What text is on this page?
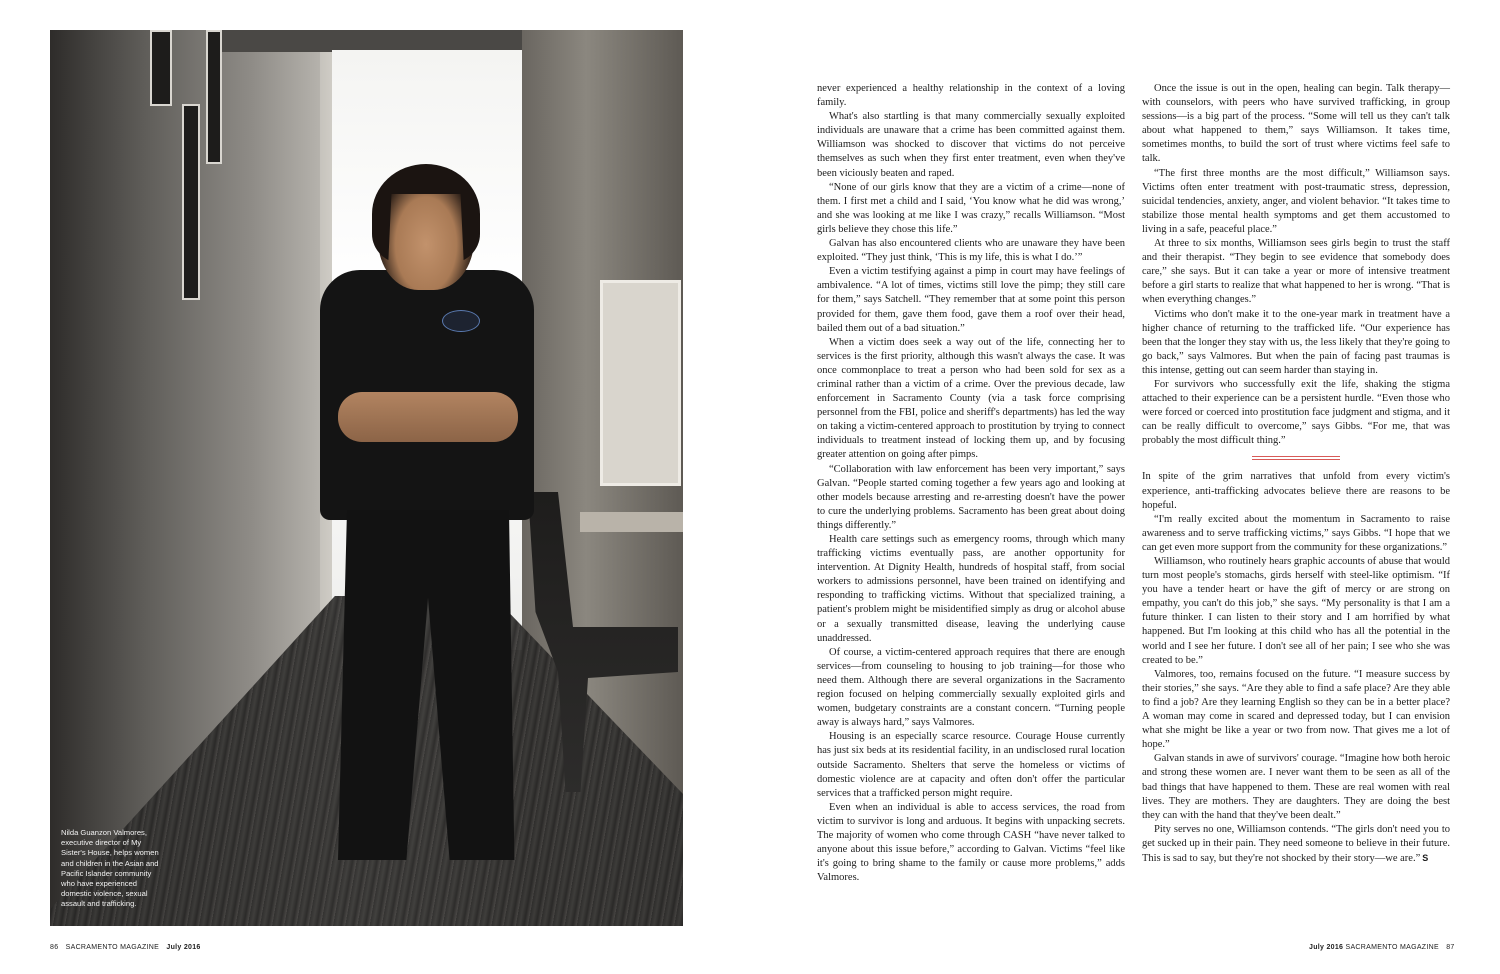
Nilda Guanzon Valmores, executive director of My Sister's House, helps women and children in the Asian and Pacific Islander community who have experienced domestic violence, sexual assault and trafficking.

never experienced a healthy relationship in the context of a loving family.

What's also startling is that many commercially sexually exploited individuals are unaware that a crime has been committed against them. Williamson was shocked to discover that victims do not perceive themselves as such when they first enter treatment, even when they've been viciously beaten and raped.

“None of our girls know that they are a victim of a crime—none of them. I first met a child and I said, ‘You know what he did was wrong,’ and she was looking at me like I was crazy,” recalls Williamson. “Most girls believe they chose this life.”

Galvan has also encountered clients who are unaware they have been exploited. “They just think, ‘This is my life, this is what I do.’”

Even a victim testifying against a pimp in court may have feelings of ambivalence. “A lot of times, victims still love the pimp; they still care for them,” says Satchell. “They remember that at some point this person provided for them, gave them food, gave them a roof over their head, bailed them out of a bad situation.”

When a victim does seek a way out of the life, connecting her to services is the first priority, although this wasn't always the case. It was once commonplace to treat a person who had been sold for sex as a criminal rather than a victim of a crime. Over the previous decade, law enforcement in Sacramento County (via a task force comprising personnel from the FBI, police and sheriff's departments) has led the way on taking a victim-centered approach to prostitution by trying to connect individuals to treatment instead of locking them up, and by focusing greater attention on going after pimps.

“Collaboration with law enforcement has been very important,” says Galvan. “People started coming together a few years ago and looking at other models because arresting and re-arresting doesn't have the power to cure the underlying problems. Sacramento has been great about doing things differently.”

Health care settings such as emergency rooms, through which many trafficking victims eventually pass, are another opportunity for intervention. At Dignity Health, hundreds of hospital staff, from social workers to admissions personnel, have been trained on identifying and responding to trafficking victims. Without that specialized training, a patient's problem might be misidentified simply as drug or alcohol abuse or a sexually transmitted disease, leaving the underlying cause unaddressed.

Of course, a victim-centered approach requires that there are enough services—from counseling to housing to job training—for those who need them. Although there are several organizations in the Sacramento region focused on helping commercially sexually exploited girls and women, budgetary constraints are a constant concern. “Turning people away is always hard,” says Valmores.

Housing is an especially scarce resource. Courage House currently has just six beds at its residential facility, in an undisclosed rural location outside Sacramento. Shelters that serve the homeless or victims of domestic violence are at capacity and often don't offer the particular services that a trafficked person might require.

Even when an individual is able to access services, the road from victim to survivor is long and arduous. It begins with unpacking secrets. The majority of women who come through CASH “have never talked to anyone about this issue before,” according to Galvan. Victims “feel like it's going to bring shame to the family or cause more problems,” adds Valmores.

Once the issue is out in the open, healing can begin. Talk therapy—with counselors, with peers who have survived trafficking, in group sessions—is a big part of the process. “Some will tell us they can't talk about what happened to them,” says Williamson. It takes time, sometimes months, to build the sort of trust where victims feel safe to talk.

“The first three months are the most difficult,” Williamson says. Victims often enter treatment with post-traumatic stress, depression, suicidal tendencies, anxiety, anger, and violent behavior. “It takes time to stabilize those mental health symptoms and get them accustomed to living in a safe, peaceful place.”

At three to six months, Williamson sees girls begin to trust the staff and their therapist. “They begin to see evidence that somebody does care,” she says. But it can take a year or more of intensive treatment before a girl starts to realize that what happened to her is wrong. “That is when everything changes.”

Victims who don't make it to the one-year mark in treatment have a higher chance of returning to the trafficked life. “Our experience has been that the longer they stay with us, the less likely that they're going to go back,” says Valmores. But when the pain of facing past traumas is this intense, getting out can seem harder than staying in.

For survivors who successfully exit the life, shaking the stigma attached to their experience can be a persistent hurdle. “Even those who were forced or coerced into prostitution face judgment and stigma, and it can be really difficult to overcome,” says Gibbs. “For me, that was probably the most difficult thing.”

In spite of the grim narratives that unfold from every victim's experience, anti-trafficking advocates believe there are reasons to be hopeful.

“I'm really excited about the momentum in Sacramento to raise awareness and to serve trafficking victims,” says Gibbs. “I hope that we can get even more support from the community for these organizations.”

Williamson, who routinely hears graphic accounts of abuse that would turn most people's stomachs, girds herself with steel-like optimism. “If you have a tender heart or have the gift of mercy or are strong on empathy, you can't do this job,” she says. “My personality is that I am a future thinker. I can listen to their story and I am horrified by what happened. But I'm looking at this child who has all the potential in the world and I see her future. I don't see all of her pain; I see who she was created to be.”

Valmores, too, remains focused on the future. “I measure success by their stories,” she says. “Are they able to find a safe place? Are they able to find a job? Are they learning English so they can be in a better place? A woman may come in scared and depressed today, but I can envision what she might be like a year or two from now. That gives me a lot of hope.”

Galvan stands in awe of survivors' courage. “Imagine how both heroic and strong these women are. I never want them to be seen as all of the bad things that have happened to them. These are real women with real lives. They are mothers. They are daughters. They are doing the best they can with the hand that they've been dealt.”

Pity serves no one, Williamson contends. “The girls don't need you to get sucked up in their pain. They need someone to believe in their future. This is sad to say, but they're not shocked by their story—we are.” S

86 SACRAMENTO MAGAZINE July 2016	July 2016 SACRAMENTO MAGAZINE 87
